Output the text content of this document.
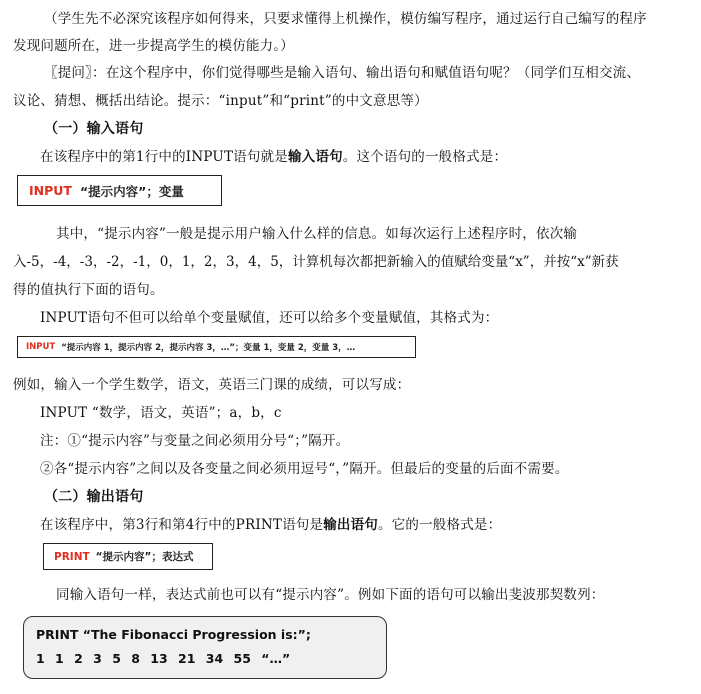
（学生先不必深究该程序如何得来，只要求懂得上机操作，模仿编写程序，通过运行自己编写的程序
发现问题所在，进一步提高学生的模仿能力。）
〖提问〗：在这个程序中，你们觉得哪些是输入语句、输出语句和赋值语句呢？（同学们互相交流、
议论、猜想、概括出结论。提示：“input”和“print”的中文意思等）
（一）输入语句
在该程序中的第1行中的INPUT语句就是输入语句。这个语句的一般格式是：
INPUT “提示内容”；变量
其中，“提示内容”一般是提示用户输入什么样的信息。如每次运行上述程序时，依次输
入-5，-4，-3，-2，-1，0，1，2，3，4，5，计算机每次都把新输入的值赋给变量“x”，并按“x”新获
得的值执行下面的语句。
INPUT语句不但可以给单个变量赋值，还可以给多个变量赋值，其格式为：
INPUT “提示内容 1，提示内容 2，提示内容 3，…”；变量 1，变量 2，变量 3，…
例如，输入一个学生数学，语文，英语三门课的成绩，可以写成：
INPUT “数学，语文，英语”；a，b，c
注：①“提示内容”与变量之间必须用分号“；”隔开。
②各“提示内容”之间以及各变量之间必须用逗号“，”隔开。但最后的变量的后面不需要。
（二）输出语句
在该程序中，第3行和第4行中的PRINT语句是输出语句。它的一般格式是：
PRINT “提示内容”；表达式
同输入语句一样，表达式前也可以有“提示内容”。例如下面的语句可以输出斐波那契数列：
PRINT “The Fibonacci Progression is:”;
1 1 2 3 5 8 13 21 34 55 “…”
